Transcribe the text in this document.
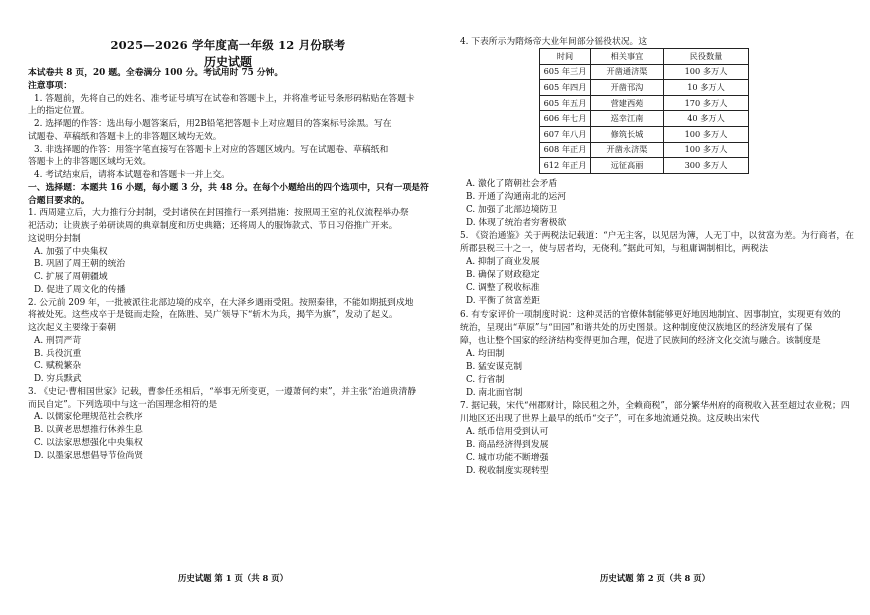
2025—2026 学年度高一年级 12 月份联考
历史试题
本试卷共 8 页，20 题。全卷满分 100 分。考试用时 75 分钟。
注意事项：
1. 答题前，先将自己的姓名、准考证号填写在试卷和答题卡上，并将准考证号条形码粘贴在答题卡
上的指定位置。
2. 选择题的作答：选出每小题答案后，用2B铅笔把答题卡上对应题目的答案标号涂黑。写在
试题卷、草稿纸和答题卡上的非答题区域均无效。
3. 非选择题的作答：用签字笔直接写在答题卡上对应的答题区域内。写在试题卷、草稿纸和
答题卡上的非答题区域均无效。
4. 考试结束后，请将本试题卷和答题卡一并上交。
一、选择题：本题共 16 小题，每小题 3 分，共 48 分。在每个小题给出的四个选项中，只有一项是符
合题目要求的。
1. 西周建立后，大力推行分封制，受封诸侯在封国推行一系列措施：按照周王室的礼仪流程举办祭
祀活动；让贵族子弟研读周的典章制度和历史典籍；还将周人的服饰款式、节日习俗推广开来。
这说明分封制
A. 加强了中央集权
B. 巩固了周王朝的统治
C. 扩展了周朝疆域
D. 促进了周文化的传播
2. 公元前 209 年，一批被派往北部边境的戍卒，在大泽乡遇雨受阻。按照秦律，不能如期抵到戍地
将被处死。这些戍卒于是铤而走险，在陈胜、吴广领导下“斩木为兵，揭竿为旗”，发动了起义。
这次起义主要缘于秦朝
A. 刑罚严苛
B. 兵役沉重
C. 赋税繁杂
D. 穷兵黩武
3. 《史记·曹相国世家》记载，曹参任丞相后，“举事无所变更，一遵萧何约束”，并主张“治道贵清静
而民自定”。下列选项中与这一治国理念相符的是
A. 以儒家伦理规范社会秩序
B. 以黄老思想推行休养生息
C. 以法家思想强化中央集权
D. 以墨家思想倡导节俭尚贤
历史试题 第 1 页（共 8 页）
4. 下表所示为隋炀帝大业年间部分徭役状况。这
时间	相关事宜	民役数量
605 年三月	开凿通济渠	100 多万人
605 年四月	开凿邗沟	10 多万人
605 年五月	营建西苑	170 多万人
606 年七月	巡幸江南	40 多万人
607 年八月	修筑长城	100 多万人
608 年正月	开凿永济渠	100 多万人
612 年正月	远征高丽	300 多万人
A. 激化了隋朝社会矛盾
B. 开通了沟通南北的运河
C. 加强了北部边境防卫
D. 体现了统治者穷奢极欲
5. 《资治通鉴》关于两税法记载道：“户无主客，以见居为簿，人无丁中，以贫富为差。为行商者，在
所郡县税三十之一，使与居者均，无侥利。”据此可知，与租庸调制相比，两税法
A. 抑制了商业发展
B. 确保了财政稳定
C. 调整了税收标准
D. 平衡了贫富差距
6. 有专家评价一项制度时说：这种灵活的官僚体制能够更好地因地制宜、因事制宜，实现更有效的
统治，呈现出“草原”与“田园”和谐共处的历史图景。这种制度使汉族地区的经济发展有了保
障，也让整个国家的经济结构变得更加合理，促进了民族间的经济文化交流与融合。该制度是
A. 均田制
B. 猛安谋克制
C. 行省制
D. 南北面官制
7. 据记载，宋代“州郡财计，除民租之外，全赖商税”，部分繁华州府的商税收入甚至超过农业税；四
川地区还出现了世界上最早的纸币“交子”，可在多地流通兑换。这反映出宋代
A. 纸币信用受到认可
B. 商品经济得到发展
C. 城市功能不断增强
D. 税收制度实现转型
历史试题 第 2 页（共 8 页）
